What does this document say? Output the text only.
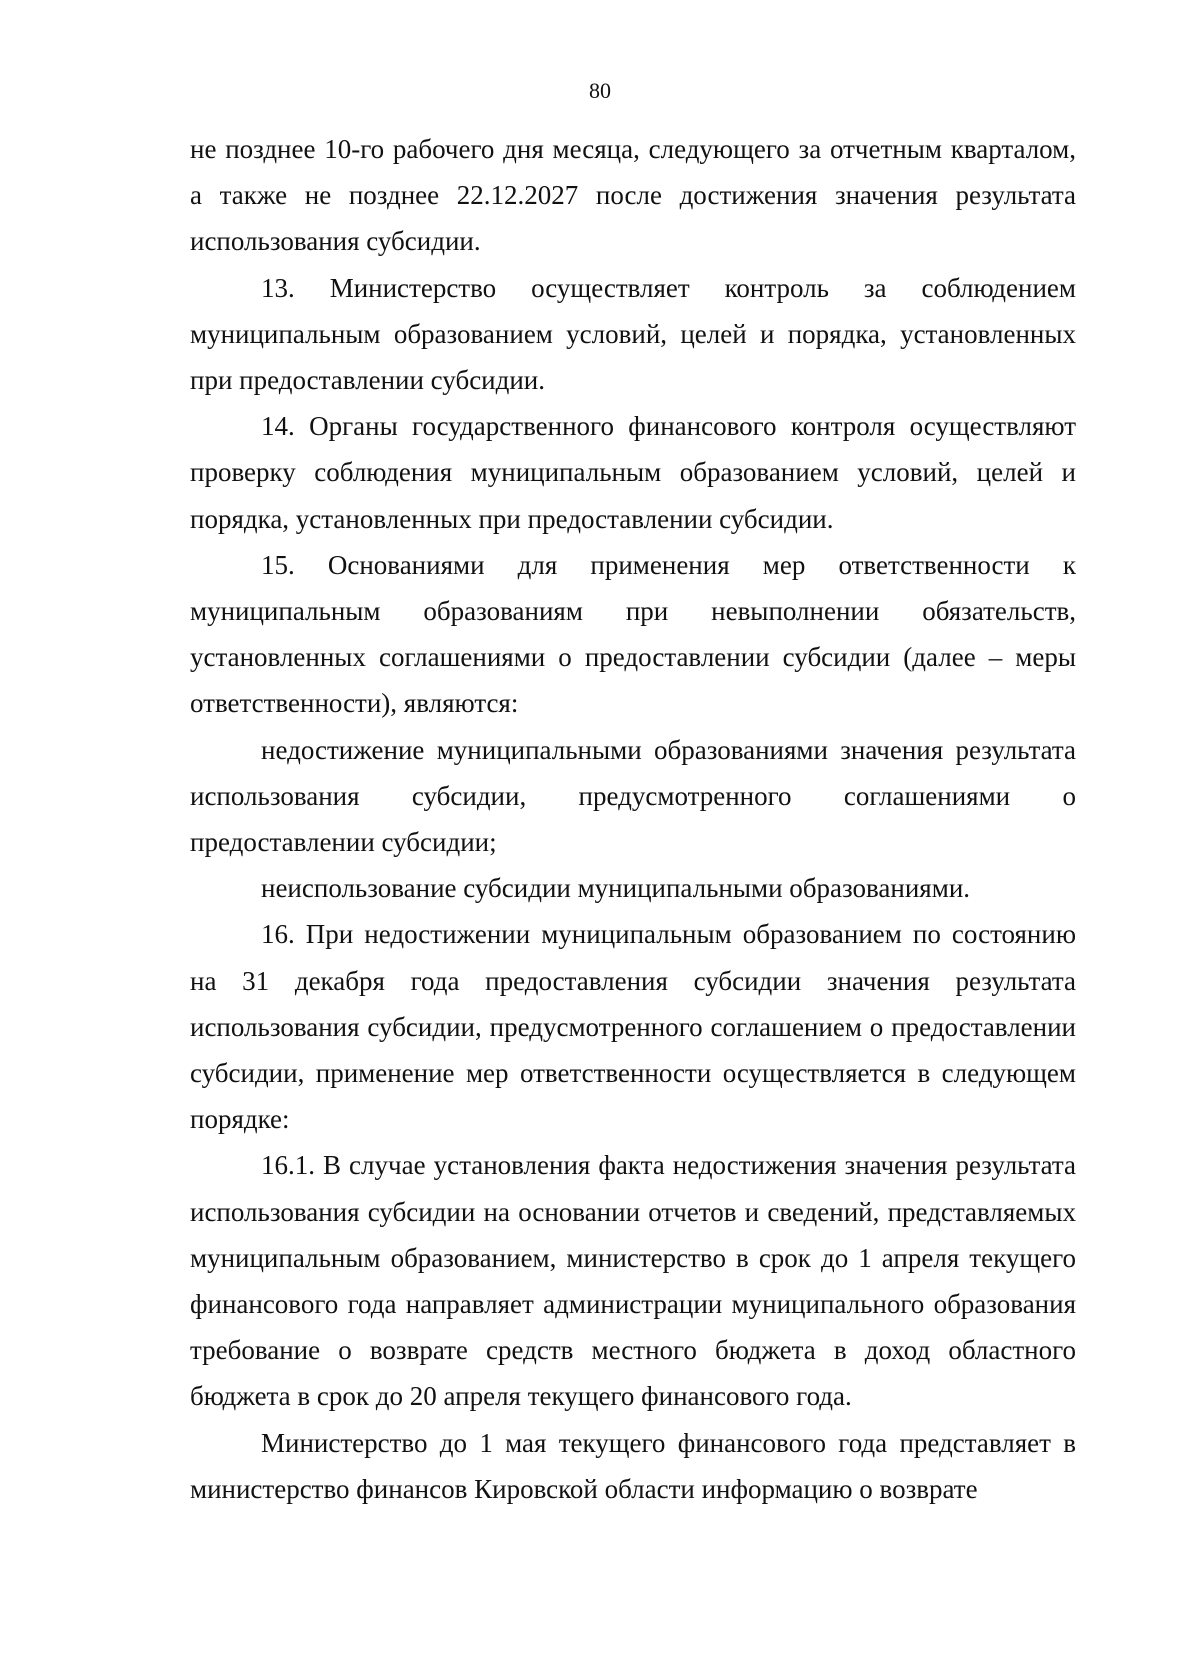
80

не позднее 10-го рабочего дня месяца, следующего за отчетным кварталом, а также не позднее 22.12.2027 после достижения значения результата использования субсидии.

13. Министерство осуществляет контроль за соблюдением муниципальным образованием условий, целей и порядка, установленных при предоставлении субсидии.

14. Органы государственного финансового контроля осуществляют проверку соблюдения муниципальным образованием условий, целей и порядка, установленных при предоставлении субсидии.

15. Основаниями для применения мер ответственности к муниципальным образованиям при невыполнении обязательств, установленных соглашениями о предоставлении субсидии (далее – меры ответственности), являются:

недостижение муниципальными образованиями значения результата использования субсидии, предусмотренного соглашениями о предоставлении субсидии;

неиспользование субсидии муниципальными образованиями.

16. При недостижении муниципальным образованием по состоянию на 31 декабря года предоставления субсидии значения результата использования субсидии, предусмотренного соглашением о предоставлении субсидии, применение мер ответственности осуществляется в следующем порядке:

16.1. В случае установления факта недостижения значения результата использования субсидии на основании отчетов и сведений, представляемых муниципальным образованием, министерство в срок до 1 апреля текущего финансового года направляет администрации муниципального образования требование о возврате средств местного бюджета в доход областного бюджета в срок до 20 апреля текущего финансового года.

Министерство до 1 мая текущего финансового года представляет в министерство финансов Кировской области информацию о возврате
